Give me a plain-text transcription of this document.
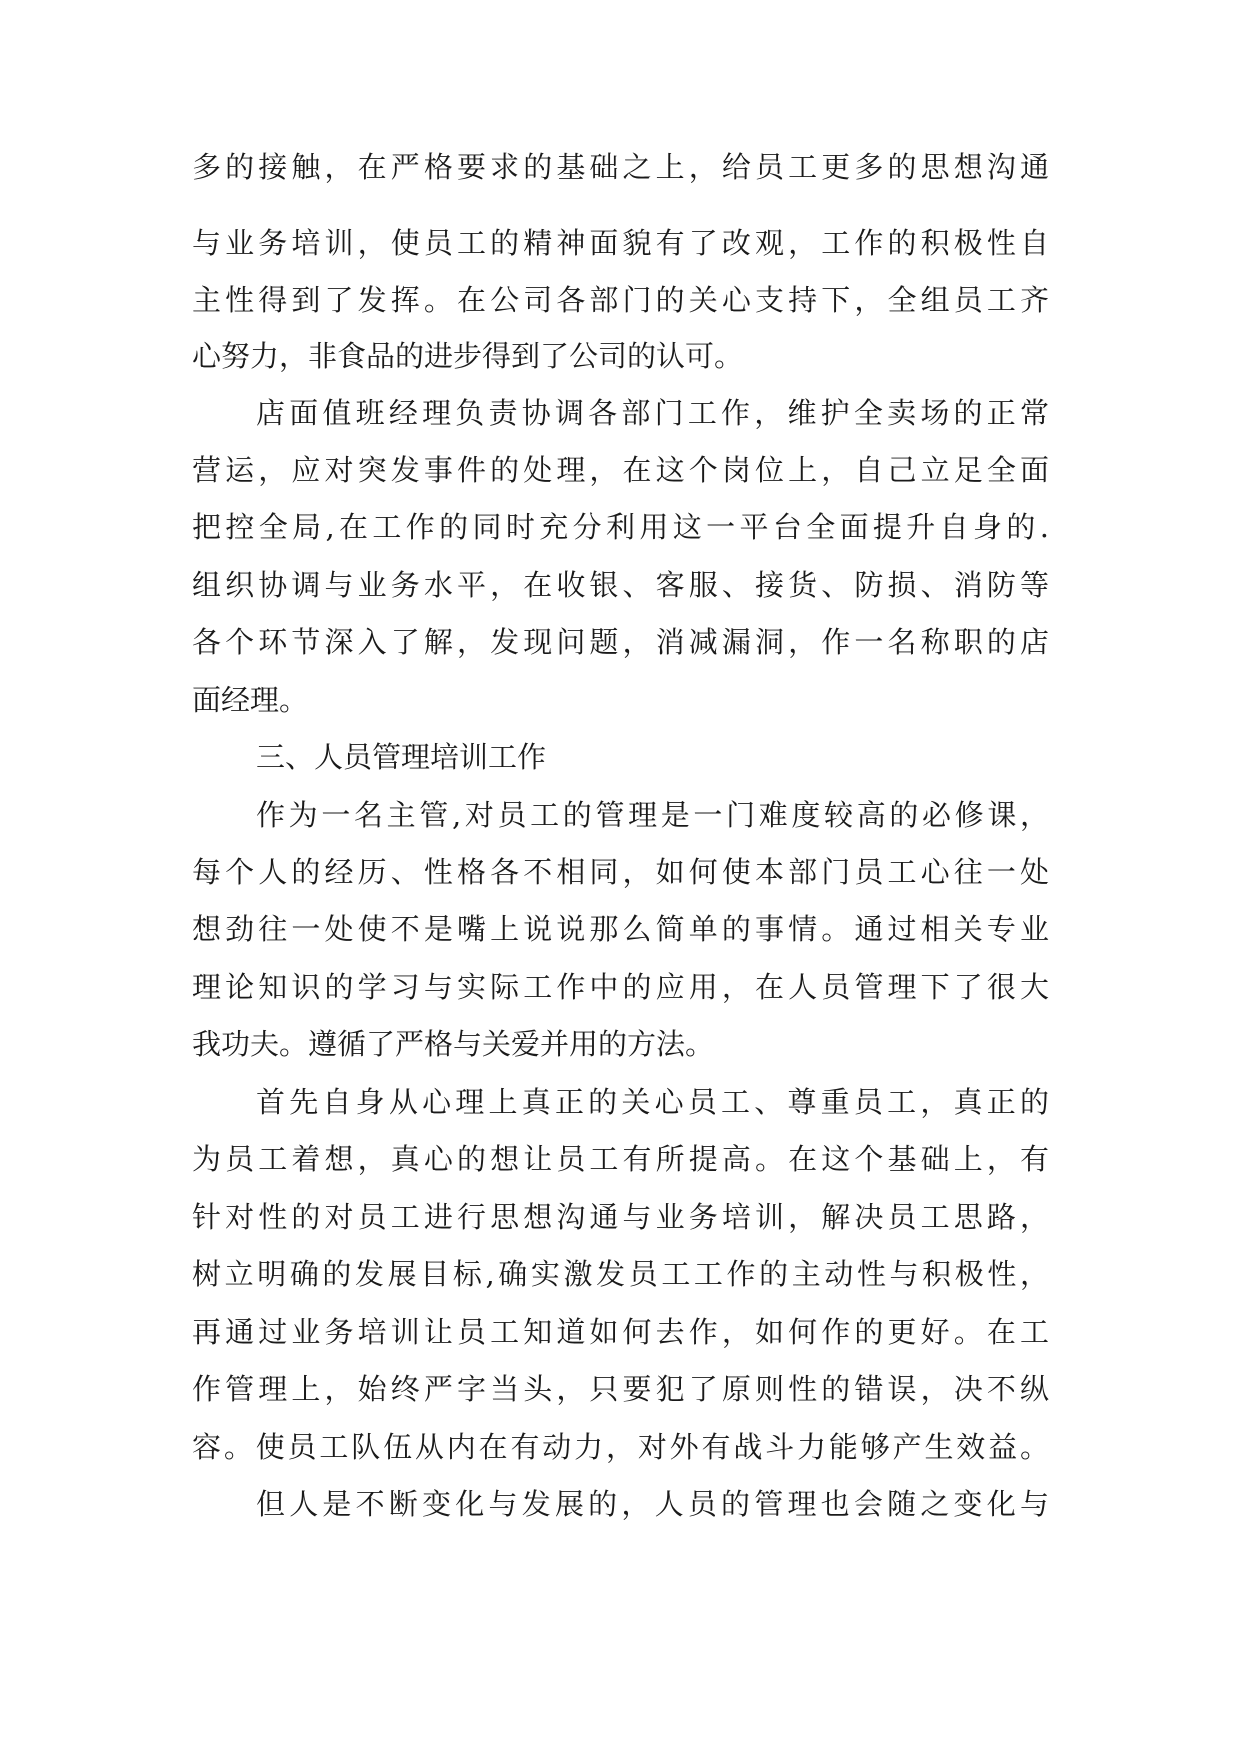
多的接触，在严格要求的基础之上，给员工更多的思想沟通
与业务培训，使员工的精神面貌有了改观，工作的积极性自
主性得到了发挥。在公司各部门的关心支持下，全组员工齐
心努力，非食品的进步得到了公司的认可。
店面值班经理负责协调各部门工作，维护全卖场的正常
营运，应对突发事件的处理，在这个岗位上，自己立足全面
把控全局,在工作的同时充分利用这一平台全面提升自身的.
组织协调与业务水平，在收银、客服、接货、防损、消防等
各个环节深入了解，发现问题，消减漏洞，作一名称职的店
面经理。
三、人员管理培训工作
作为一名主管,对员工的管理是一门难度较高的必修课，
每个人的经历、性格各不相同，如何使本部门员工心往一处
想劲往一处使不是嘴上说说那么简单的事情。通过相关专业
理论知识的学习与实际工作中的应用，在人员管理下了很大
我功夫。遵循了严格与关爱并用的方法。
首先自身从心理上真正的关心员工、尊重员工，真正的
为员工着想，真心的想让员工有所提高。在这个基础上，有
针对性的对员工进行思想沟通与业务培训，解决员工思路，
树立明确的发展目标,确实激发员工工作的主动性与积极性，
再通过业务培训让员工知道如何去作，如何作的更好。在工
作管理上，始终严字当头，只要犯了原则性的错误，决不纵
容。使员工队伍从内在有动力，对外有战斗力能够产生效益。
但人是不断变化与发展的，人员的管理也会随之变化与
